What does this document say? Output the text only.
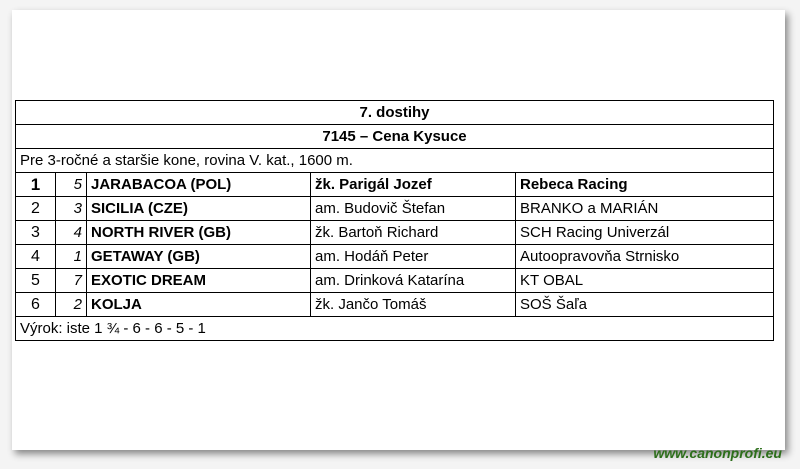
7. dostihy				
7145 – Cena Kysuce				
Pre 3-ročné a staršie kone, rovina V. kat., 1600 m.				
1	5	JARABACOA (POL)	žk. Parigál Jozef	Rebeca Racing
2	3	SICILIA (CZE)	am. Budovič Štefan	BRANKO a MARIÁN
3	4	NORTH RIVER (GB)	žk. Bartoň Richard	SCH Racing Univerzál
4	1	GETAWAY (GB)	am. Hodáň Peter	Autoopravovňa Strnisko
5	7	EXOTIC DREAM	am. Drinková Katarína	KT OBAL
6	2	KOLJA	žk. Jančo Tomáš	SOŠ Šaľa
Výrok: iste 1 ¾ - 6 - 6 - 5 - 1				
www.canonprofi.eu
